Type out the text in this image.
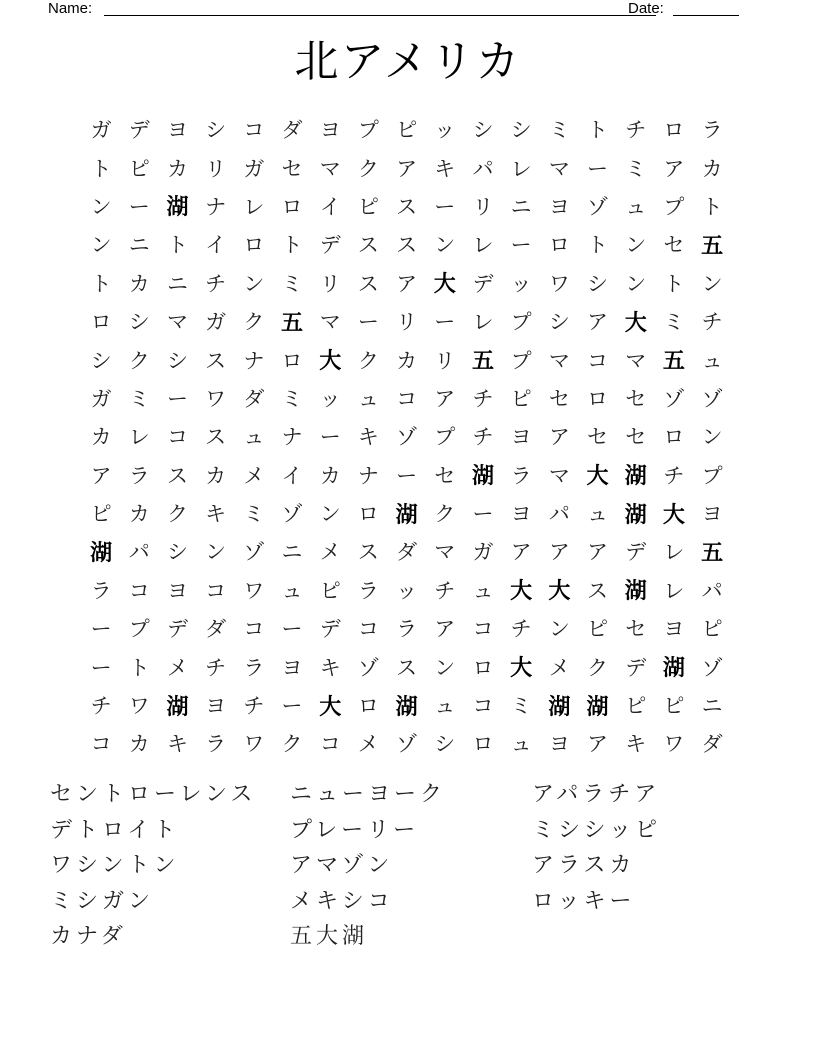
Name:	Date:
北アメリカ
ガ デ ヨ シ コ ダ ヨ プ ピ ッ シ シ ミ ト チ ロ ラ
ト ピ カ リ ガ セ マ ク ア キ パ レ マ ー ミ ア カ
ン ー 湖 ナ レ ロ イ ピ ス ー リ ニ ヨ ゾ ュ プ ト
ン ニ ト イ ロ ト デ ス ス ン レ ー ロ ト ン セ 五
ト カ ニ チ ン ミ リ ス ア 大 デ ッ ワ シ ン ト ン
ロ シ マ ガ ク 五 マ ー リ ー レ プ シ ア 大 ミ チ
シ ク シ ス ナ ロ 大 ク カ リ 五 プ マ コ マ 五 ュ
ガ ミ ー ワ ダ ミ ッ ュ コ ア チ ピ セ ロ セ ゾ ゾ
カ レ コ ス ュ ナ ー キ ゾ プ チ ヨ ア セ セ ロ ン
ア ラ ス カ メ イ カ ナ ー セ 湖 ラ マ 大 湖 チ プ
ピ カ ク キ ミ ゾ ン ロ 湖 ク ー ヨ パ ュ 湖 大 ヨ
湖 パ シ ン ゾ ニ メ ス ダ マ ガ ア ア ア デ レ 五
ラ コ ヨ コ ワ ュ ピ ラ ッ チ ュ 大 大 ス 湖 レ パ
ー プ デ ダ コ ー デ コ ラ ア コ チ ン ピ セ ヨ ピ
ー ト メ チ ラ ヨ キ ゾ ス ン ロ 大 メ ク デ 湖 ゾ
チ ワ 湖 ヨ チ ー 大 ロ 湖 ュ コ ミ 湖 湖 ピ ピ ニ
コ カ キ ラ ワ ク コ メ ゾ シ ロ ュ ヨ ア キ ワ ダ
セントローレンス
デトロイト
ワシントン
ミシガン
カナダ
ニューヨーク
プレーリー
アマゾン
メキシコ
五大湖
アパラチア
ミシシッピ
アラスカ
ロッキー
